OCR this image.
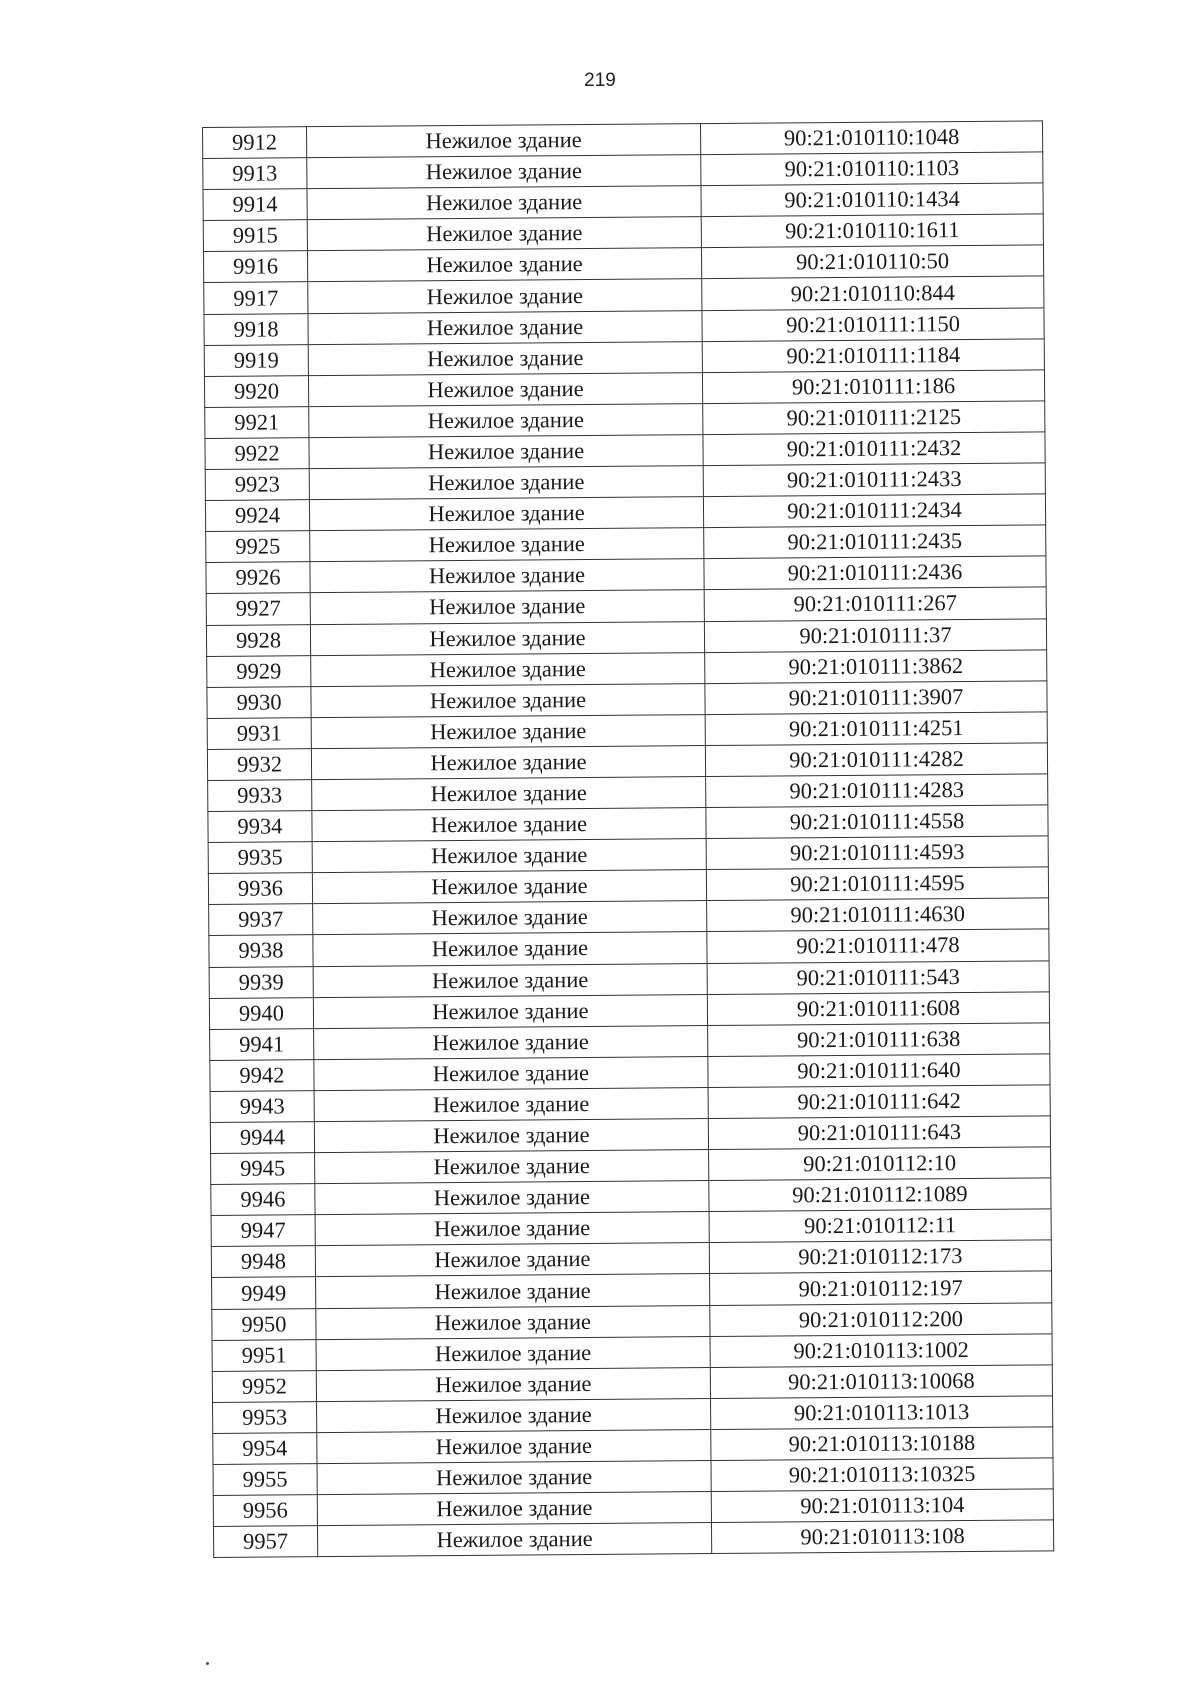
219
9912	Нежилое здание	90:21:010110:1048
9913	Нежилое здание	90:21:010110:1103
9914	Нежилое здание	90:21:010110:1434
9915	Нежилое здание	90:21:010110:1611
9916	Нежилое здание	90:21:010110:50
9917	Нежилое здание	90:21:010110:844
9918	Нежилое здание	90:21:010111:1150
9919	Нежилое здание	90:21:010111:1184
9920	Нежилое здание	90:21:010111:186
9921	Нежилое здание	90:21:010111:2125
9922	Нежилое здание	90:21:010111:2432
9923	Нежилое здание	90:21:010111:2433
9924	Нежилое здание	90:21:010111:2434
9925	Нежилое здание	90:21:010111:2435
9926	Нежилое здание	90:21:010111:2436
9927	Нежилое здание	90:21:010111:267
9928	Нежилое здание	90:21:010111:37
9929	Нежилое здание	90:21:010111:3862
9930	Нежилое здание	90:21:010111:3907
9931	Нежилое здание	90:21:010111:4251
9932	Нежилое здание	90:21:010111:4282
9933	Нежилое здание	90:21:010111:4283
9934	Нежилое здание	90:21:010111:4558
9935	Нежилое здание	90:21:010111:4593
9936	Нежилое здание	90:21:010111:4595
9937	Нежилое здание	90:21:010111:4630
9938	Нежилое здание	90:21:010111:478
9939	Нежилое здание	90:21:010111:543
9940	Нежилое здание	90:21:010111:608
9941	Нежилое здание	90:21:010111:638
9942	Нежилое здание	90:21:010111:640
9943	Нежилое здание	90:21:010111:642
9944	Нежилое здание	90:21:010111:643
9945	Нежилое здание	90:21:010112:10
9946	Нежилое здание	90:21:010112:1089
9947	Нежилое здание	90:21:010112:11
9948	Нежилое здание	90:21:010112:173
9949	Нежилое здание	90:21:010112:197
9950	Нежилое здание	90:21:010112:200
9951	Нежилое здание	90:21:010113:1002
9952	Нежилое здание	90:21:010113:10068
9953	Нежилое здание	90:21:010113:1013
9954	Нежилое здание	90:21:010113:10188
9955	Нежилое здание	90:21:010113:10325
9956	Нежилое здание	90:21:010113:104
9957	Нежилое здание	90:21:010113:108
